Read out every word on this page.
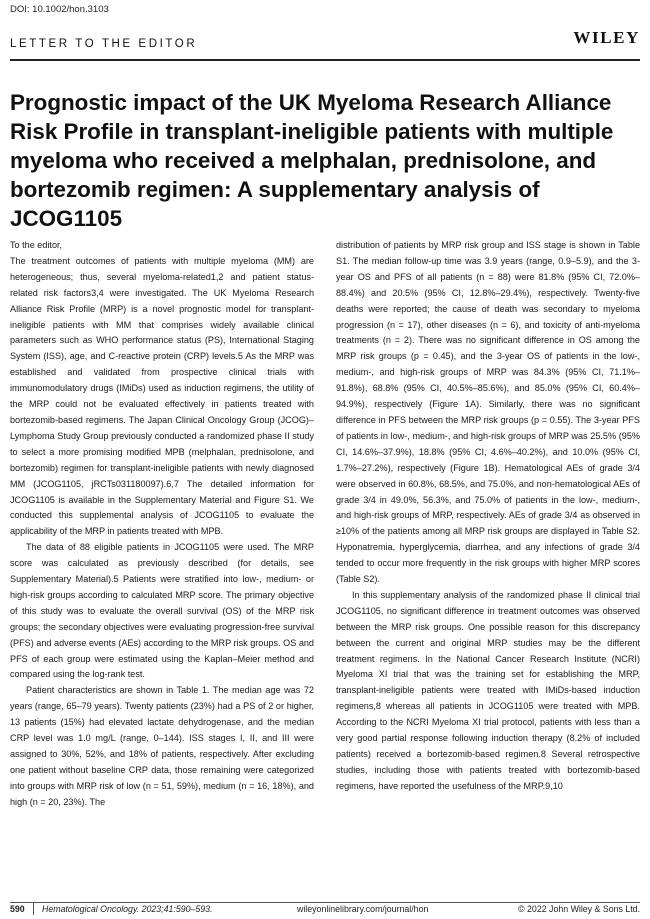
DOI: 10.1002/hon.3103
LETTER TO THE EDITOR	WILEY
Prognostic impact of the UK Myeloma Research Alliance Risk Profile in transplant-ineligible patients with multiple myeloma who received a melphalan, prednisolone, and bortezomib regimen: A supplementary analysis of JCOG1105

To the editor,

The treatment outcomes of patients with multiple myeloma (MM) are heterogeneous; thus, several myeloma-related1,2 and patient status-related risk factors3,4 were investigated. The UK Myeloma Research Alliance Risk Profile (MRP) is a novel prognostic model for transplant-ineligible patients with MM that comprises widely available clinical parameters such as WHO performance status (PS), International Staging System (ISS), age, and C-reactive protein (CRP) levels.5 As the MRP was established and validated from prospective clinical trials with immunomodulatory drugs (IMiDs) used as induction regimens, the utility of the MRP could not be evaluated effectively in patients treated with bortezomib-based regimens. The Japan Clinical Oncology Group (JCOG)–Lymphoma Study Group previously conducted a randomized phase II study to select a more promising modified MPB (melphalan, prednisolone, and bortezomib) regimen for transplant-ineligible patients with newly diagnosed MM (JCOG1105, jRCTs031180097).6,7 The detailed information for JCOG1105 is available in the Supplementary Material and Figure S1. We conducted this supplemental analysis of JCOG1105 to evaluate the applicability of the MRP in patients treated with MPB.

The data of 88 eligible patients in JCOG1105 were used. The MRP score was calculated as previously described (for details, see Supplementary Material).5 Patients were stratified into low-, medium- or high-risk groups according to calculated MRP score. The primary objective of this study was to evaluate the overall survival (OS) of the MRP risk groups; the secondary objectives were evaluating progression-free survival (PFS) and adverse events (AEs) according to the MRP risk groups. OS and PFS of each group were estimated using the Kaplan–Meier method and compared using the log-rank test.

Patient characteristics are shown in Table 1. The median age was 72 years (range, 65–79 years). Twenty patients (23%) had a PS of 2 or higher, 13 patients (15%) had elevated lactate dehydrogenase, and the median CRP level was 1.0 mg/L (range, 0–144). ISS stages I, II, and III were assigned to 30%, 52%, and 18% of patients, respectively. After excluding one patient without baseline CRP data, those remaining were categorized into groups with MRP risk of low (n = 51, 59%), medium (n = 16, 18%), and high (n = 20, 23%). The

distribution of patients by MRP risk group and ISS stage is shown in Table S1. The median follow-up time was 3.9 years (range, 0.9–5.9), and the 3-year OS and PFS of all patients (n = 88) were 81.8% (95% CI, 72.0%–88.4%) and 20.5% (95% CI, 12.8%–29.4%), respectively. Twenty-five deaths were reported; the cause of death was secondary to myeloma progression (n = 17), other diseases (n = 6), and toxicity of anti-myeloma treatments (n = 2). There was no significant difference in OS among the MRP risk groups (p = 0.45), and the 3-year OS of patients in the low-, medium-, and high-risk groups of MRP was 84.3% (95% CI, 71.1%–91.8%), 68.8% (95% CI, 40.5%–85.6%), and 85.0% (95% CI, 60.4%–94.9%), respectively (Figure 1A). Similarly, there was no significant difference in PFS between the MRP risk groups (p = 0.55). The 3-year PFS of patients in low-, medium-, and high-risk groups of MRP was 25.5% (95% CI, 14.6%–37.9%), 18.8% (95% CI, 4.6%–40.2%), and 10.0% (95% CI, 1.7%–27.2%), respectively (Figure 1B). Hematological AEs of grade 3/4 were observed in 60.8%, 68.5%, and 75.0%, and non-hematological AEs of grade 3/4 in 49.0%, 56.3%, and 75.0% of patients in the low-, medium-, and high-risk groups of MRP, respectively. AEs of grade 3/4 as observed in ≥10% of the patients among all MRP risk groups are displayed in Table S2. Hyponatremia, hyperglycemia, diarrhea, and any infections of grade 3/4 tended to occur more frequently in the risk groups with higher MRP scores (Table S2).

In this supplementary analysis of the randomized phase II clinical trial JCOG1105, no significant difference in treatment outcomes was observed between the MRP risk groups. One possible reason for this discrepancy between the current and original MRP studies may be the different treatment regimens. In the National Cancer Research Institute (NCRI) Myeloma XI trial that was the training set for establishing the MRP, transplant-ineligible patients were treated with IMiDs-based induction regimens,8 whereas all patients in JCOG1105 were treated with MPB. According to the NCRI Myeloma XI trial protocol, patients with less than a very good partial response following induction therapy (8.2% of included patients) received a bortezomib-based regimen.8 Several retrospective studies, including those with patients treated with bortezomib-based regimens, have reported the usefulness of the MRP.9,10

590 Hematological Oncology. 2023;41:590–593.	wileyonlinelibrary.com/journal/hon	© 2022 John Wiley & Sons Ltd.
